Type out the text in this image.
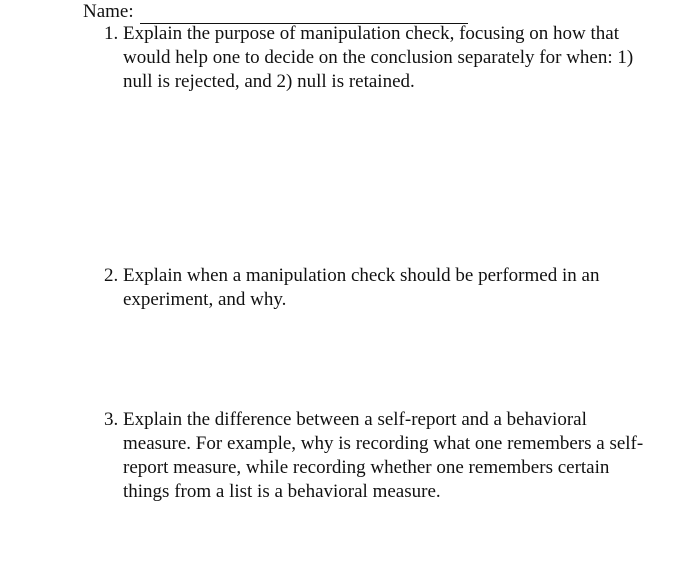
Name:
1. Explain the purpose of manipulation check, focusing on how that would help one to decide on the conclusion separately for when: 1) null is rejected, and 2) null is retained.
2. Explain when a manipulation check should be performed in an experiment, and why.
3. Explain the difference between a self-report and a behavioral measure. For example, why is recording what one remembers a self-report measure, while recording whether one remembers certain things from a list is a behavioral measure.
